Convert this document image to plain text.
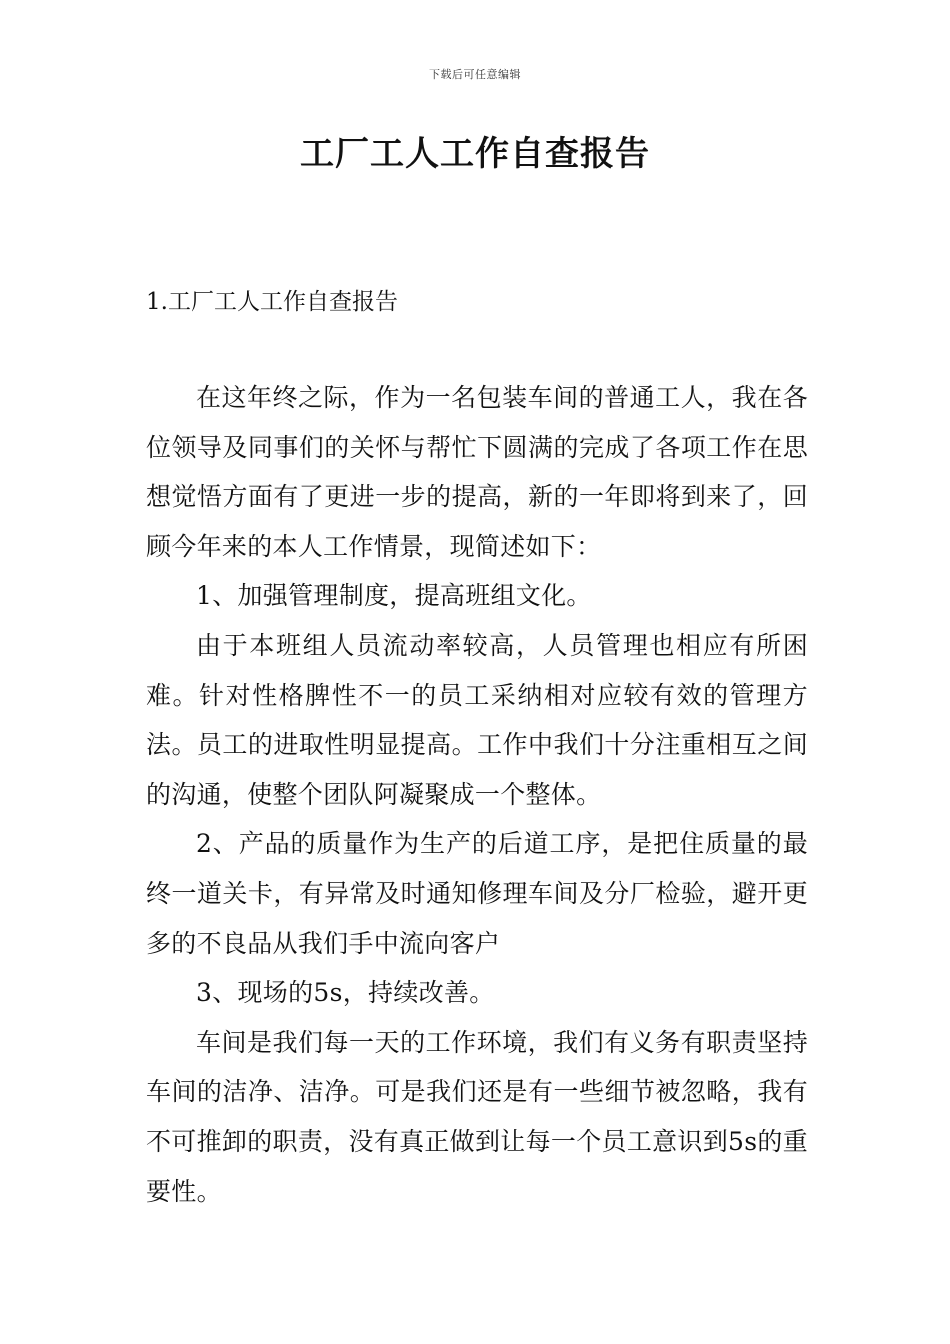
下载后可任意编辑
工厂工人工作自查报告
1.工厂工人工作自查报告

在这年终之际，作为一名包装车间的普通工人，我在各位领导及同事们的关怀与帮忙下圆满的完成了各项工作在思想觉悟方面有了更进一步的提高，新的一年即将到来了，回顾今年来的本人工作情景，现简述如下：

1、加强管理制度，提高班组文化。

由于本班组人员流动率较高，人员管理也相应有所困难。针对性格脾性不一的员工采纳相对应较有效的管理方法。员工的进取性明显提高。工作中我们十分注重相互之间的沟通，使整个团队阿凝聚成一个整体。

2、产品的质量作为生产的后道工序，是把住质量的最终一道关卡，有异常及时通知修理车间及分厂检验，避开更多的不良品从我们手中流向客户

3、现场的5s，持续改善。

车间是我们每一天的工作环境，我们有义务有职责坚持车间的洁净、洁净。可是我们还是有一些细节被忽略，我有不可推卸的职责，没有真正做到让每一个员工意识到5s的重要性。
